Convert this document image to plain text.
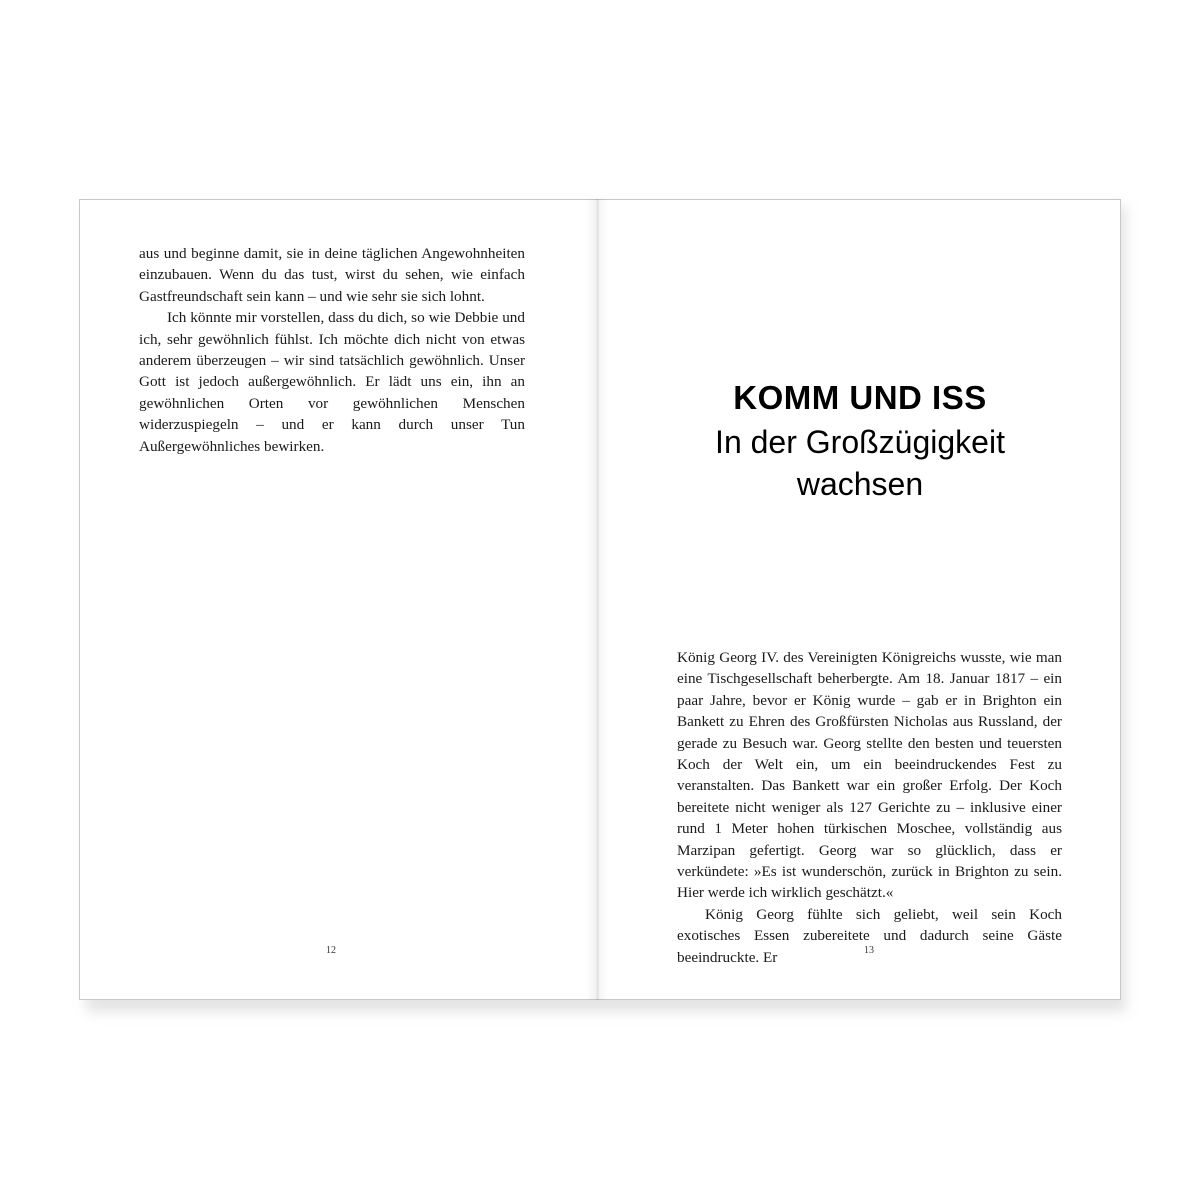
aus und beginne damit, sie in deine täglichen Angewohnheiten einzubauen. Wenn du das tust, wirst du sehen, wie einfach Gastfreundschaft sein kann – und wie sehr sie sich lohnt.

Ich könnte mir vorstellen, dass du dich, so wie Debbie und ich, sehr gewöhnlich fühlst. Ich möchte dich nicht von etwas anderem überzeugen – wir sind tatsächlich gewöhnlich. Unser Gott ist jedoch außergewöhnlich. Er lädt uns ein, ihn an gewöhnlichen Orten vor gewöhnlichen Menschen widerzuspiegeln – und er kann durch unser Tun Außergewöhnliches bewirken.

KOMM UND ISS
In der Großzügigkeit
wachsen

König Georg IV. des Vereinigten Königreichs wusste, wie man eine Tischgesellschaft beherbergte. Am 18. Januar 1817 – ein paar Jahre, bevor er König wurde – gab er in Brighton ein Bankett zu Ehren des Großfürsten Nicholas aus Russland, der gerade zu Besuch war. Georg stellte den besten und teuersten Koch der Welt ein, um ein beeindruckendes Fest zu veranstalten. Das Bankett war ein großer Erfolg. Der Koch bereitete nicht weniger als 127 Gerichte zu – inklusive einer rund 1 Meter hohen türkischen Moschee, vollständig aus Marzipan gefertigt. Georg war so glücklich, dass er verkündete: »Es ist wunderschön, zurück in Brighton zu sein. Hier werde ich wirklich geschätzt.«

König Georg fühlte sich geliebt, weil sein Koch exotisches Essen zubereitete und dadurch seine Gäste beeindruckte. Er

12	13
